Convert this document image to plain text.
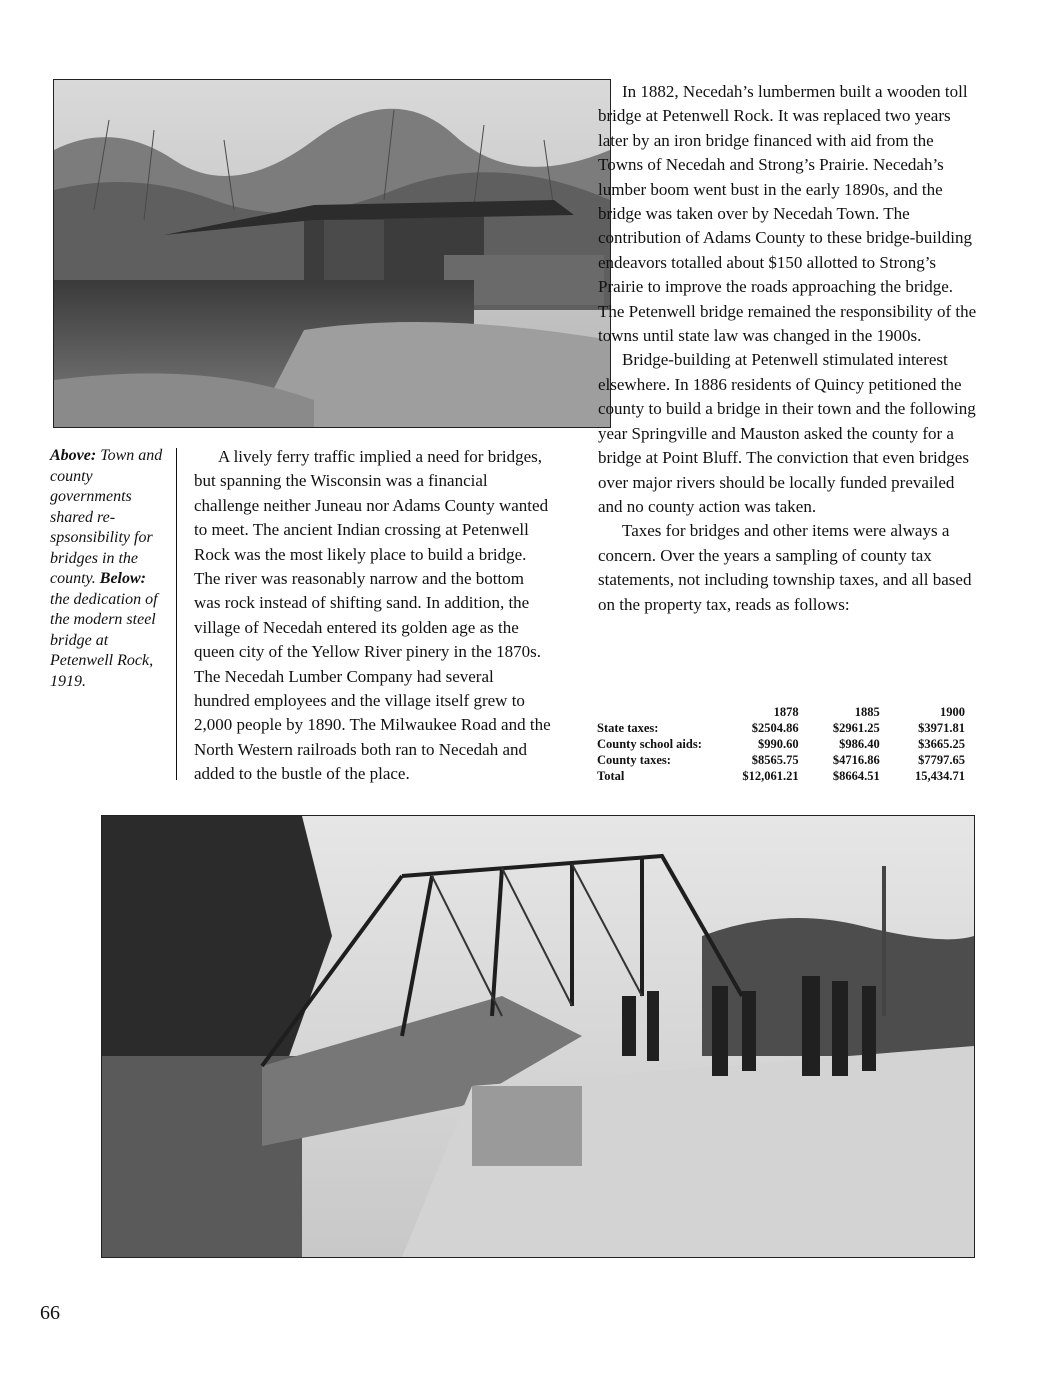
Above: Town and county governments shared re-spsonsibility for bridges in the county. Below: the dedication of the modern steel bridge at Petenwell Rock, 1919.

A lively ferry traffic implied a need for bridges, but spanning the Wisconsin was a financial challenge neither Juneau nor Adams County wanted to meet. The ancient Indian crossing at Petenwell Rock was the most likely place to build a bridge. The river was reasonably narrow and the bottom was rock instead of shifting sand. In addition, the village of Necedah entered its golden age as the queen city of the Yellow River pinery in the 1870s. The Necedah Lumber Company had several hundred employees and the village itself grew to 2,000 people by 1890. The Milwaukee Road and the North Western railroads both ran to Necedah and added to the bustle of the place.

In 1882, Necedah’s lumbermen built a wooden toll bridge at Petenwell Rock. It was replaced two years later by an iron bridge financed with aid from the Towns of Necedah and Strong’s Prairie. Necedah’s lumber boom went bust in the early 1890s, and the bridge was taken over by Necedah Town. The contribution of Adams County to these bridge-building endeavors totalled about $150 allotted to Strong’s Prairie to improve the roads approaching the bridge. The Petenwell bridge remained the responsibility of the towns until state law was changed in the 1900s.

Bridge-building at Petenwell stimulated interest elsewhere. In 1886 residents of Quincy petitioned the county to build a bridge in their town and the following year Springville and Mauston asked the county for a bridge at Point Bluff. The conviction that even bridges over major rivers should be locally funded prevailed and no county action was taken.

Taxes for bridges and other items were always a concern. Over the years a sampling of county tax statements, not including township taxes, and all based on the property tax, reads as follows:

	1878	1885	1900
State taxes:	$2504.86	$2961.25	$3971.81
County school aids:	$990.60	$986.40	$3665.25
County taxes:	$8565.75	$4716.86	$7797.65
Total	$12,061.21	$8664.51	15,434.71
66
